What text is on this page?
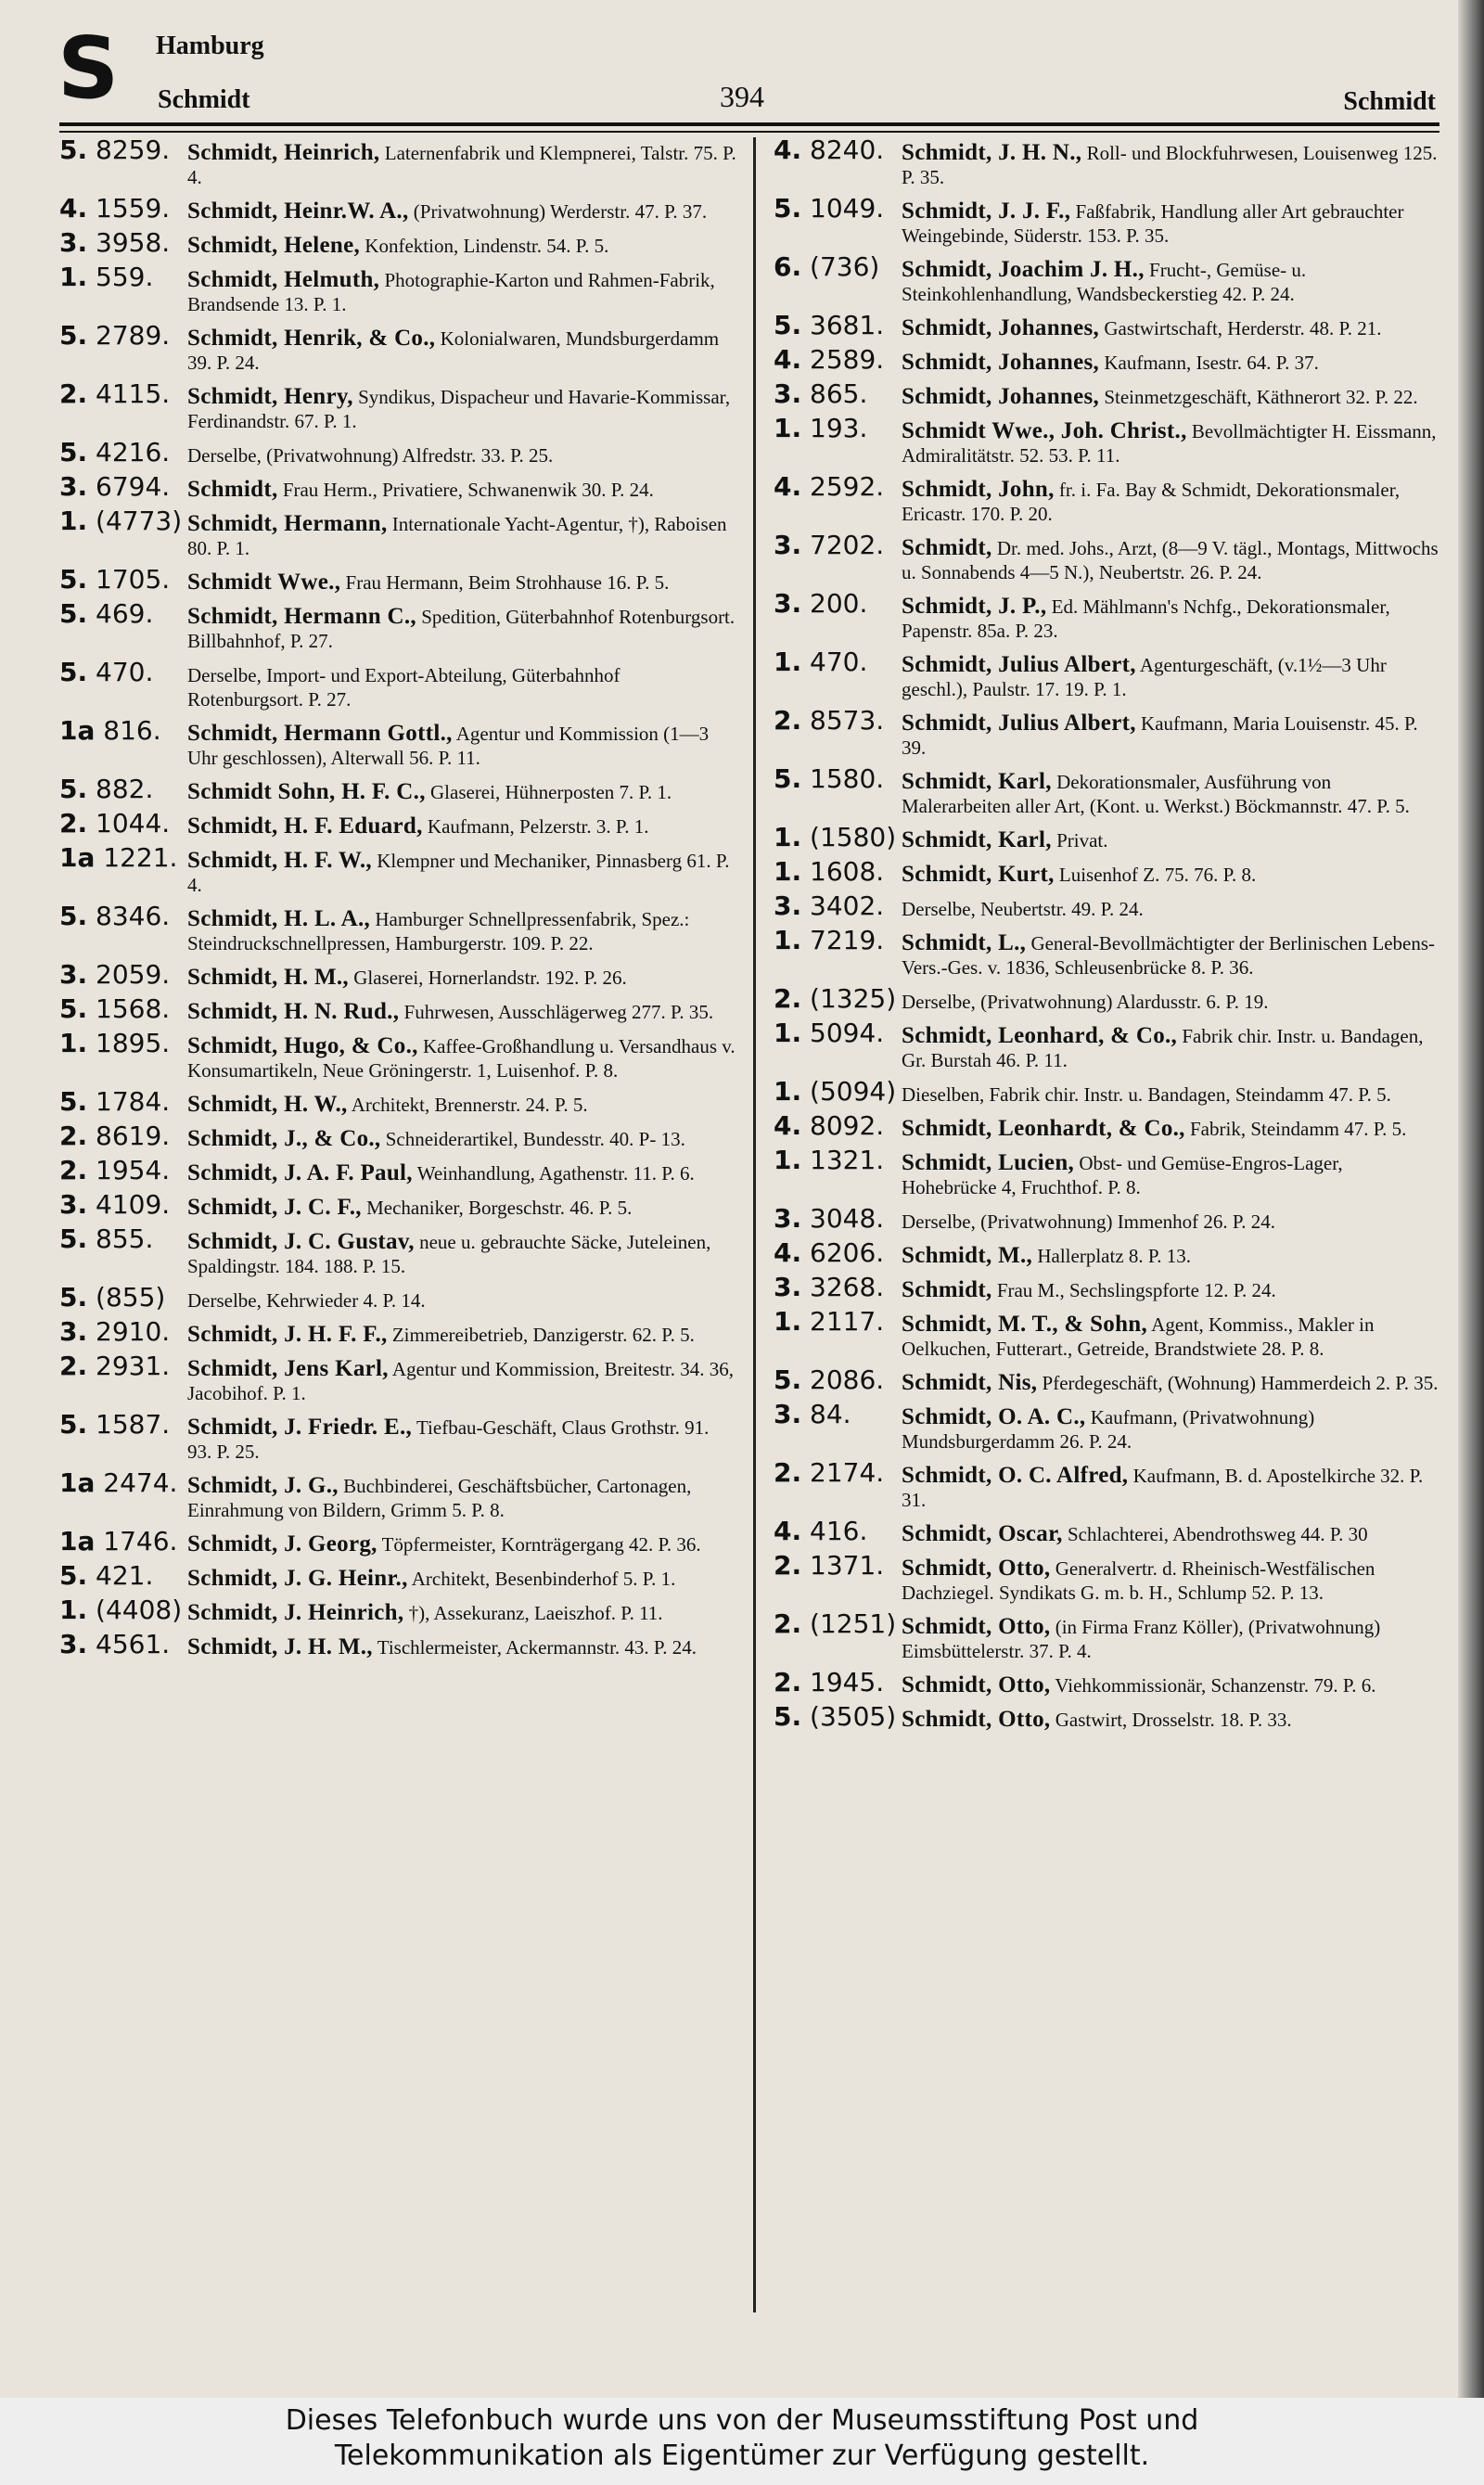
S Hamburg
Schmidt	394	Schmidt
5. 8259. Schmidt, Heinrich, Laternenfabrik und Klempnerei, Talstr. 75. P. 4.
4. 1559. Schmidt, Heinr.W. A., (Privatwohnung) Werderstr. 47. P. 37.
3. 3958. Schmidt, Helene, Konfektion, Lindenstr. 54. P. 5.
1. 559. Schmidt, Helmuth, Photographie-Karton und Rahmen-Fabrik, Brandsende 13. P. 1.
5. 2789. Schmidt, Henrik, & Co., Kolonialwaren, Mundsburgerdamm 39. P. 24.
2. 4115. Schmidt, Henry, Syndikus, Dispacheur und Havarie-Kommissar, Ferdinandstr. 67. P. 1.
5. 4216. Derselbe, (Privatwohnung) Alfredstr. 33. P. 25.
3. 6794. Schmidt, Frau Herm., Privatiere, Schwanenwik 30. P. 24.
1. (4773) Schmidt, Hermann, Internationale Yacht-Agentur, †), Raboisen 80. P. 1.
5. 1705. Schmidt Wwe., Frau Hermann, Beim Strohhause 16. P. 5.
5. 469. Schmidt, Hermann C., Spedition, Güterbahnhof Rotenburgsort. Billbahnhof, P. 27.
5. 470. Derselbe, Import- und Export-Abteilung, Güterbahnhof Rotenburgsort. P. 27.
1a 816. Schmidt, Hermann Gottl., Agentur und Kommission (1—3 Uhr geschlossen), Alterwall 56. P. 11.
5. 882. Schmidt Sohn, H. F. C., Glaserei, Hühnerposten 7. P. 1.
2. 1044. Schmidt, H. F. Eduard, Kaufmann, Pelzerstr. 3. P. 1.
1a 1221. Schmidt, H. F. W., Klempner und Mechaniker, Pinnasberg 61. P. 4.
5. 8346. Schmidt, H. L. A., Hamburger Schnellpressenfabrik, Spez.: Steindruckschnellpressen, Hamburgerstr. 109. P. 22.
3. 2059. Schmidt, H. M., Glaserei, Hornerlandstr. 192. P. 26.
5. 1568. Schmidt, H. N. Rud., Fuhrwesen, Ausschlägerweg 277. P. 35.
1. 1895. Schmidt, Hugo, & Co., Kaffee-Großhandlung u. Versandhaus v. Konsumartikeln, Neue Gröningerstr. 1, Luisenhof. P. 8.
5. 1784. Schmidt, H. W., Architekt, Brennerstr. 24. P. 5.
2. 8619. Schmidt, J., & Co., Schneiderartikel, Bundesstr. 40. P- 13.
2. 1954. Schmidt, J. A. F. Paul, Weinhandlung, Agathenstr. 11. P. 6.
3. 4109. Schmidt, J. C. F., Mechaniker, Borgeschstr. 46. P. 5.
5. 855. Schmidt, J. C. Gustav, neue u. gebrauchte Säcke, Juteleinen, Spaldingstr. 184. 188. P. 15.
5. (855) Derselbe, Kehrwieder 4. P. 14.
3. 2910. Schmidt, J. H. F. F., Zimmereibetrieb, Danzigerstr. 62. P. 5.
2. 2931. Schmidt, Jens Karl, Agentur und Kommission, Breitestr. 34. 36, Jacobihof. P. 1.
5. 1587. Schmidt, J. Friedr. E., Tiefbau-Geschäft, Claus Grothstr. 91. 93. P. 25.
1a 2474. Schmidt, J. G., Buchbinderei, Geschäftsbücher, Cartonagen, Einrahmung von Bildern, Grimm 5. P. 8.
1a 1746. Schmidt, J. Georg, Töpfermeister, Kornträgergang 42. P. 36.
5. 421. Schmidt, J. G. Heinr., Architekt, Besenbinderhof 5. P. 1.
1. (4408) Schmidt, J. Heinrich, †), Assekuranz, Laeiszhof. P. 11.
3. 4561. Schmidt, J. H. M., Tischlermeister, Ackermannstr. 43. P. 24.
4. 8240. Schmidt, J. H. N., Roll- und Blockfuhrwesen, Louisenweg 125. P. 35.
5. 1049. Schmidt, J. J. F., Faßfabrik, Handlung aller Art gebrauchter Weingebinde, Süderstr. 153. P. 35.
6. (736) Schmidt, Joachim J. H., Frucht-, Gemüse- u. Steinkohlenhandlung, Wandsbeckerstieg 42. P. 24.
5. 3681. Schmidt, Johannes, Gastwirtschaft, Herderstr. 48. P. 21.
4. 2589. Schmidt, Johannes, Kaufmann, Isestr. 64. P. 37.
3. 865. Schmidt, Johannes, Steinmetzgeschäft, Käthnerort 32. P. 22.
1. 193. Schmidt Wwe., Joh. Christ., Bevollmächtigter H. Eissmann, Admiralitätstr. 52. 53. P. 11.
4. 2592. Schmidt, John, fr. i. Fa. Bay & Schmidt, Dekorationsmaler, Ericastr. 170. P. 20.
3. 7202. Schmidt, Dr. med. Johs., Arzt, (8—9 V. tägl., Montags, Mittwochs u. Sonnabends 4—5 N.), Neubertstr. 26. P. 24.
3. 200. Schmidt, J. P., Ed. Mählmann's Nchfg., Dekorationsmaler, Papenstr. 85a. P. 23.
1. 470. Schmidt, Julius Albert, Agenturgeschäft, (v.1½—3 Uhr geschl.), Paulstr. 17. 19. P. 1.
2. 8573. Schmidt, Julius Albert, Kaufmann, Maria Louisenstr. 45. P. 39.
5. 1580. Schmidt, Karl, Dekorationsmaler, Ausführung von Malerarbeiten aller Art, (Kont. u. Werkst.) Böckmannstr. 47. P. 5.
1. (1580) Schmidt, Karl, Privat.
1. 1608. Schmidt, Kurt, Luisenhof Z. 75. 76. P. 8.
3. 3402. Derselbe, Neubertstr. 49. P. 24.
1. 7219. Schmidt, L., General-Bevollmächtigter der Berlinischen Lebens-Vers.-Ges. v. 1836, Schleusenbrücke 8. P. 36.
2. (1325) Derselbe, (Privatwohnung) Alardusstr. 6. P. 19.
1. 5094. Schmidt, Leonhard, & Co., Fabrik chir. Instr. u. Bandagen, Gr. Burstah 46. P. 11.
1. (5094) Dieselben, Fabrik chir. Instr. u. Bandagen, Steindamm 47. P. 5.
4. 8092. Schmidt, Leonhardt, & Co., Fabrik, Steindamm 47. P. 5.
1. 1321. Schmidt, Lucien, Obst- und Gemüse-Engros-Lager, Hohebrücke 4, Fruchthof. P. 8.
3. 3048. Derselbe, (Privatwohnung) Immenhof 26. P. 24.
4. 6206. Schmidt, M., Hallerplatz 8. P. 13.
3. 3268. Schmidt, Frau M., Sechslingspforte 12. P. 24.
1. 2117. Schmidt, M. T., & Sohn, Agent, Kommiss., Makler in Oelkuchen, Futterart., Getreide, Brandstwiete 28. P. 8.
5. 2086. Schmidt, Nis, Pferdegeschäft, (Wohnung) Hammerdeich 2. P. 35.
3. 84. Schmidt, O. A. C., Kaufmann, (Privatwohnung) Mundsburgerdamm 26. P. 24.
2. 2174. Schmidt, O. C. Alfred, Kaufmann, B. d. Apostelkirche 32. P. 31.
4. 416. Schmidt, Oscar, Schlachterei, Abendrothsweg 44. P. 30
2. 1371. Schmidt, Otto, Generalvertr. d. Rheinisch-Westfälischen Dachziegel. Syndikats G. m. b. H., Schlump 52. P. 13.
2. (1251) Schmidt, Otto, (in Firma Franz Köller), (Privatwohnung) Eimsbüttelerstr. 37. P. 4.
2. 1945. Schmidt, Otto, Viehkommissionär, Schanzenstr. 79. P. 6.
5. (3505) Schmidt, Otto, Gastwirt, Drosselstr. 18. P. 33.
Dieses Telefonbuch wurde uns von der Museumsstiftung Post und
Telekommunikation als Eigentümer zur Verfügung gestellt.
